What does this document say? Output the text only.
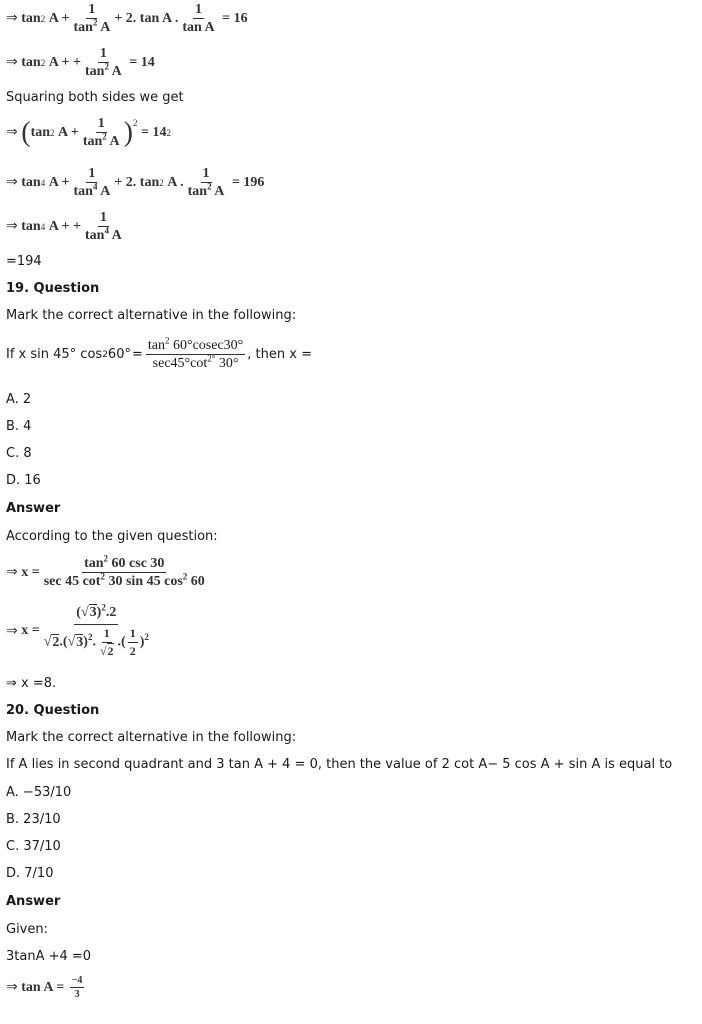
⇒
tan 2
$A + \frac{1}{\tan^2 A} + 2$. tan A . $\frac{1}{\text{tan A}}$
= 16
⇒
tan 2
A + + $\frac{1}{\tan^2 A}$
= 14
Squaring both sides we get
⇒
( tan 2
$A + \frac{1}{\tan^2 A} )^2$

= 14 2
⇒
tan 4
$A + \frac{1}{\tan^4 A} + 2$. tan 2
A . $\frac{1}{\tan^2 A}$
= 196
⇒
tan 4
A + + $\frac{1}{\tan^4 A}$
=194
19. Question
Mark the correct alternative in the following:
If x sin 45° cos 2 $60^\circ = \frac{\tan^2 60^\circ cosec30^\circ}{\sec 45^\circ\cot^{2^\circ} 30^\circ}$ , then x =
A. 2
B. 4
C. 8
D. 16
Answer
According to the given question:
⇒
$x = \frac{\tan^2 60 \csc 30}{\sec 45 \cot^2 30 \sin 45 \cos^2 60}$
⇒
$x = \frac{(√3)^2.2}{√2.(√3)^2. \frac{1}{√2} .( \frac{1}{2} )^2}$
⇒ x =8.
20. Question
Mark the correct alternative in the following:
If A lies in second quadrant and 3 tan A + 4 = 0, then the value of 2 cot A− 5 cos A + sin A is equal to
A. −53/10
B. 23/10
C. 37/10
D. 7/10
Answer
Given:
3tanA +4 =0
⇒
tan A =
$\frac{-4}{3}$
